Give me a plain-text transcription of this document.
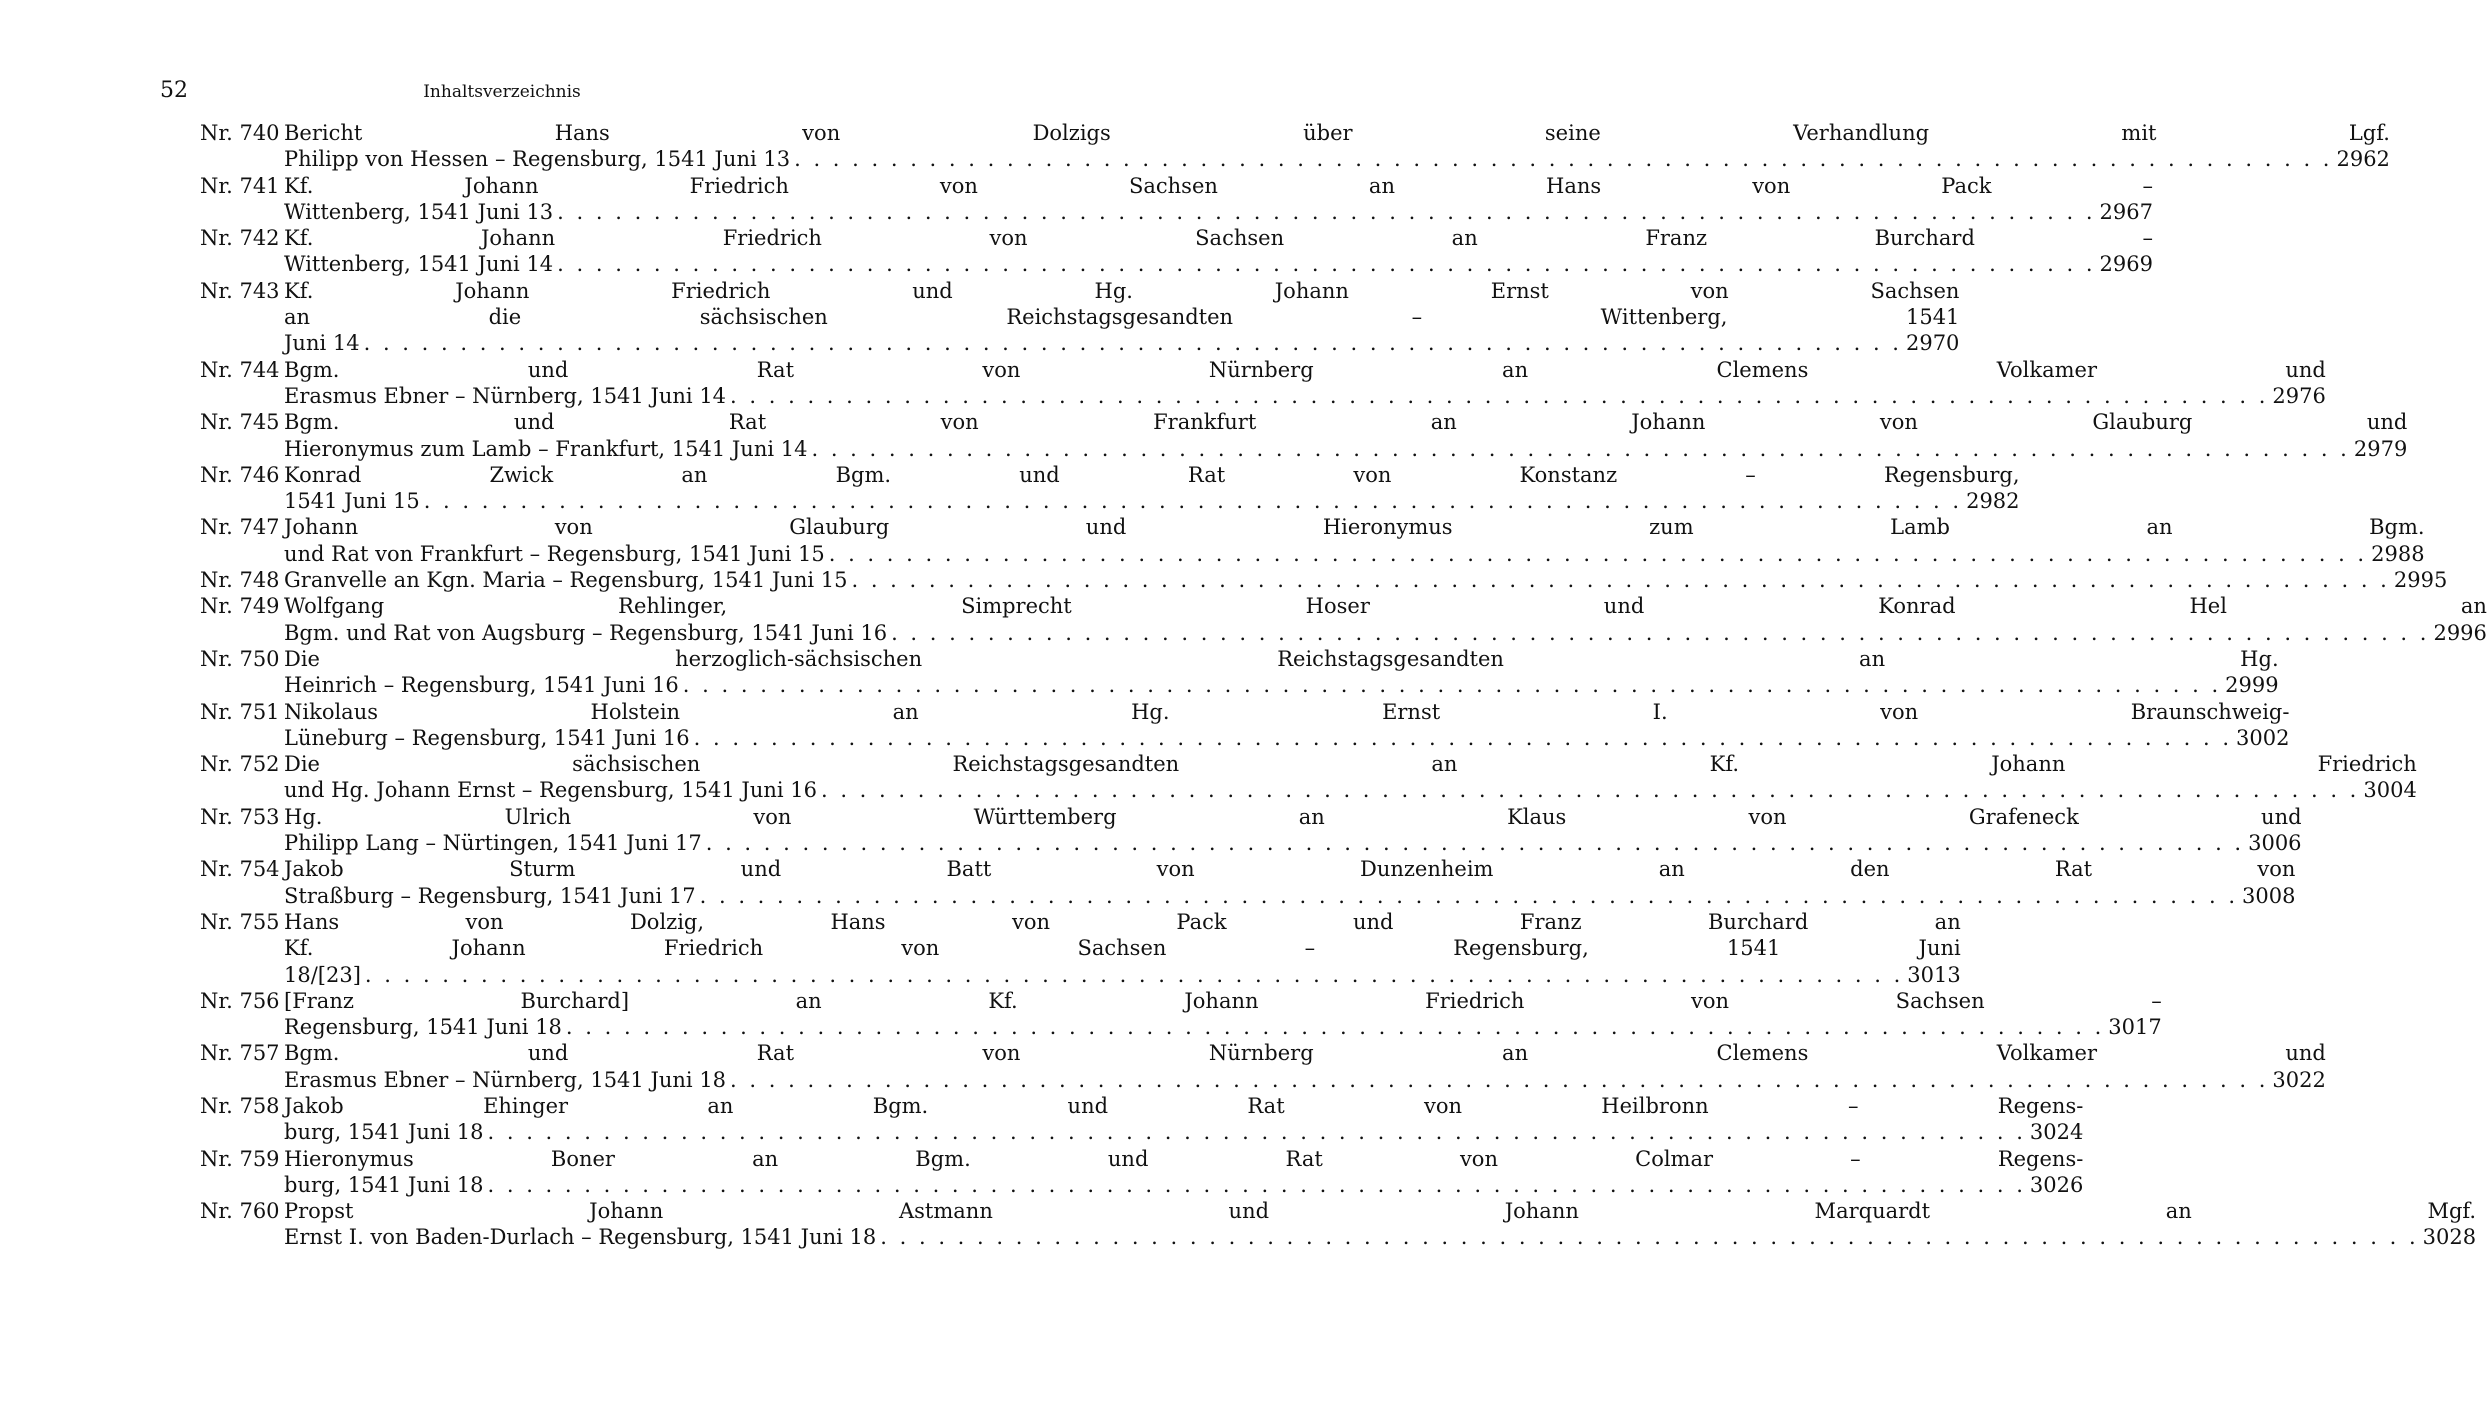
52	Inhaltsverzeichnis
Nr. 740 Bericht Hans von Dolzigs über seine Verhandlung mit Lgf.
Philipp von Hessen – Regensburg, 1541 Juni 13 . . . . . . . . . . . . . . . . . . . . . . . . . . . . . . . . . . . . . . . . . . . . . . . . . . . . . . . . . . . . . . . . . . . . . . . . . . . . . . . . 2962
Nr. 741 Kf. Johann Friedrich von Sachsen an Hans von Pack –
Wittenberg, 1541 Juni 13 . . . . . . . . . . . . . . . . . . . . . . . . . . . . . . . . . . . . . . . . . . . . . . . . . . . . . . . . . . . . . . . . . . . . . . . . . . . . . . . . 2967
Nr. 742 Kf. Johann Friedrich von Sachsen an Franz Burchard –
Wittenberg, 1541 Juni 14 . . . . . . . . . . . . . . . . . . . . . . . . . . . . . . . . . . . . . . . . . . . . . . . . . . . . . . . . . . . . . . . . . . . . . . . . . . . . . . . . 2969
Nr. 743 Kf. Johann Friedrich und Hg. Johann Ernst von Sachsen
an die sächsischen Reichstagsgesandten – Wittenberg, 1541
Juni 14 . . . . . . . . . . . . . . . . . . . . . . . . . . . . . . . . . . . . . . . . . . . . . . . . . . . . . . . . . . . . . . . . . . . . . . . . . . . . . . . . 2970
Nr. 744 Bgm. und Rat von Nürnberg an Clemens Volkamer und
Erasmus Ebner – Nürnberg, 1541 Juni 14 . . . . . . . . . . . . . . . . . . . . . . . . . . . . . . . . . . . . . . . . . . . . . . . . . . . . . . . . . . . . . . . . . . . . . . . . . . . . . . . . 2976
Nr. 745 Bgm. und Rat von Frankfurt an Johann von Glauburg und
Hieronymus zum Lamb – Frankfurt, 1541 Juni 14 . . . . . . . . . . . . . . . . . . . . . . . . . . . . . . . . . . . . . . . . . . . . . . . . . . . . . . . . . . . . . . . . . . . . . . . . . . . . . . . . 2979
Nr. 746 Konrad Zwick an Bgm. und Rat von Konstanz – Regensburg,
1541 Juni 15 . . . . . . . . . . . . . . . . . . . . . . . . . . . . . . . . . . . . . . . . . . . . . . . . . . . . . . . . . . . . . . . . . . . . . . . . . . . . . . . . 2982
Nr. 747 Johann von Glauburg und Hieronymus zum Lamb an Bgm.
und Rat von Frankfurt – Regensburg, 1541 Juni 15 . . . . . . . . . . . . . . . . . . . . . . . . . . . . . . . . . . . . . . . . . . . . . . . . . . . . . . . . . . . . . . . . . . . . . . . . . . . . . . . . 2988
Nr. 748 Granvelle an Kgn. Maria – Regensburg, 1541 Juni 15 . . . . . . . . . . . . . . . . . . . . . . . . . . . . . . . . . . . . . . . . . . . . . . . . . . . . . . . . . . . . . . . . . . . . . . . . . . . . . . . . 2995
Nr. 749 Wolfgang Rehlinger, Simprecht Hoser und Konrad Hel an
Bgm. und Rat von Augsburg – Regensburg, 1541 Juni 16 . . . . . . . . . . . . . . . . . . . . . . . . . . . . . . . . . . . . . . . . . . . . . . . . . . . . . . . . . . . . . . . . . . . . . . . . . . . . . . . . 2996
Nr. 750 Die herzoglich-sächsischen Reichstagsgesandten an Hg.
Heinrich – Regensburg, 1541 Juni 16 . . . . . . . . . . . . . . . . . . . . . . . . . . . . . . . . . . . . . . . . . . . . . . . . . . . . . . . . . . . . . . . . . . . . . . . . . . . . . . . . 2999
Nr. 751 Nikolaus Holstein an Hg. Ernst I. von Braunschweig-
Lüneburg – Regensburg, 1541 Juni 16 . . . . . . . . . . . . . . . . . . . . . . . . . . . . . . . . . . . . . . . . . . . . . . . . . . . . . . . . . . . . . . . . . . . . . . . . . . . . . . . . 3002
Nr. 752 Die sächsischen Reichstagsgesandten an Kf. Johann Friedrich
und Hg. Johann Ernst – Regensburg, 1541 Juni 16 . . . . . . . . . . . . . . . . . . . . . . . . . . . . . . . . . . . . . . . . . . . . . . . . . . . . . . . . . . . . . . . . . . . . . . . . . . . . . . . . 3004
Nr. 753 Hg. Ulrich von Württemberg an Klaus von Grafeneck und
Philipp Lang – Nürtingen, 1541 Juni 17 . . . . . . . . . . . . . . . . . . . . . . . . . . . . . . . . . . . . . . . . . . . . . . . . . . . . . . . . . . . . . . . . . . . . . . . . . . . . . . . . 3006
Nr. 754 Jakob Sturm und Batt von Dunzenheim an den Rat von
Straßburg – Regensburg, 1541 Juni 17 . . . . . . . . . . . . . . . . . . . . . . . . . . . . . . . . . . . . . . . . . . . . . . . . . . . . . . . . . . . . . . . . . . . . . . . . . . . . . . . . 3008
Nr. 755 Hans von Dolzig, Hans von Pack und Franz Burchard an
Kf. Johann Friedrich von Sachsen – Regensburg, 1541 Juni
18/[23] . . . . . . . . . . . . . . . . . . . . . . . . . . . . . . . . . . . . . . . . . . . . . . . . . . . . . . . . . . . . . . . . . . . . . . . . . . . . . . . . 3013
Nr. 756 [Franz Burchard] an Kf. Johann Friedrich von Sachsen –
Regensburg, 1541 Juni 18 . . . . . . . . . . . . . . . . . . . . . . . . . . . . . . . . . . . . . . . . . . . . . . . . . . . . . . . . . . . . . . . . . . . . . . . . . . . . . . . . 3017
Nr. 757 Bgm. und Rat von Nürnberg an Clemens Volkamer und
Erasmus Ebner – Nürnberg, 1541 Juni 18 . . . . . . . . . . . . . . . . . . . . . . . . . . . . . . . . . . . . . . . . . . . . . . . . . . . . . . . . . . . . . . . . . . . . . . . . . . . . . . . . 3022
Nr. 758 Jakob Ehinger an Bgm. und Rat von Heilbronn – Regens-
burg, 1541 Juni 18 . . . . . . . . . . . . . . . . . . . . . . . . . . . . . . . . . . . . . . . . . . . . . . . . . . . . . . . . . . . . . . . . . . . . . . . . . . . . . . . . 3024
Nr. 759 Hieronymus Boner an Bgm. und Rat von Colmar – Regens-
burg, 1541 Juni 18 . . . . . . . . . . . . . . . . . . . . . . . . . . . . . . . . . . . . . . . . . . . . . . . . . . . . . . . . . . . . . . . . . . . . . . . . . . . . . . . . 3026
Nr. 760 Propst Johann Astmann und Johann Marquardt an Mgf.
Ernst I. von Baden-Durlach – Regensburg, 1541 Juni 18 . . . . . . . . . . . . . . . . . . . . . . . . . . . . . . . . . . . . . . . . . . . . . . . . . . . . . . . . . . . . . . . . . . . . . . . . . . . . . . . . 3028
